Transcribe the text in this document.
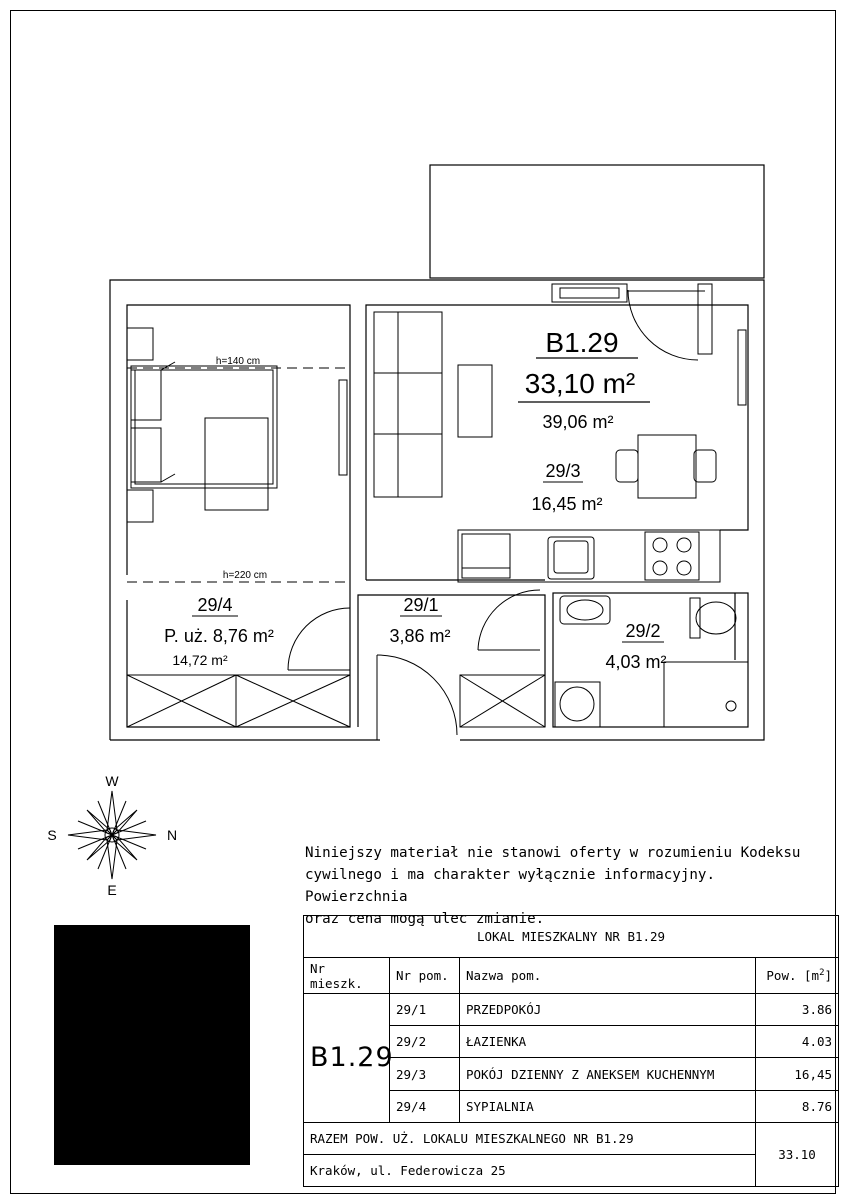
h=140 cm
h=220 cm
B1.29
33,10 m²
39,06 m²
29/3
16,45 m²
29/4
P. uż. 8,76 m²
14,72 m²
29/1
3,86 m²	29/2
4,03 m²
W
E
S	N
Niniejszy materiał nie stanowi oferty w rozumieniu Kodeksu
cywilnego i ma charakter wyłącznie informacyjny. Powierzchnia
oraz cena mogą ulec zmianie.
LOKAL MIESZKALNY NR B1.29			
Nr mieszk.	Nr pom.	Nazwa pom.	Pow. $[m^2]$
B1.29	29/1	PRZEDPOKÓJ	3.86
	29/2	ŁAZIENKA	4.03
	29/3	POKÓJ DZIENNY Z ANEKSEM KUCHENNYM	16,45
	29/4	SYPIALNIA	8.76
RAZEM POW. UŻ. LOKALU MIESZKALNEGO NR B1.29			33.10
Kraków, ul. Federowicza 25			
